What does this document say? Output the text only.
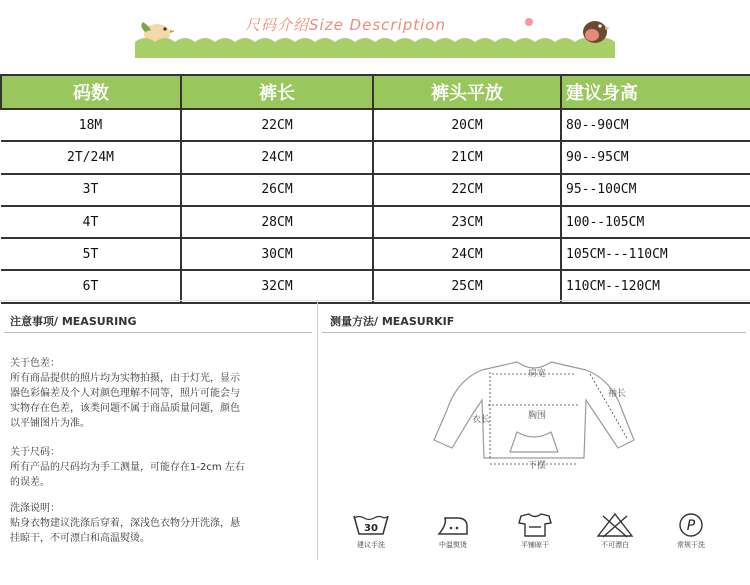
尺码介绍Size Description
码数	裤长	裤头平放	建议身高
18M	22CM	20CM	80--90CM
2T/24M	24CM	21CM	90--95CM
3T	26CM	22CM	95--100CM
4T	28CM	23CM	100--105CM
5T	30CM	24CM	105CM---110CM
6T	32CM	25CM	110CM--120CM
注意事项/ MEASURING
关于色差：
所有商品提供的照片均为实物拍摄，由于灯光，显示
器色彩偏差及个人对颜色理解不同等，照片可能会与
实物存在色差，该类问题不属于商品质量问题，颜色
以平铺图片为准。
关于尺码：
所有产品的尺码均为手工测量，可能存在1-2cm 左右
的误差。
洗涤说明：
贴身衣物建议洗涤后穿着，深浅色衣物分开洗涤，悬
挂晾干，不可漂白和高温熨烫。
测量方法/ MEASURKIF
肩宽
袖长
衣长	胸围
下摆
30
建议手洗	中温熨烫	平铺晾干	不可漂白
P
常规干洗
